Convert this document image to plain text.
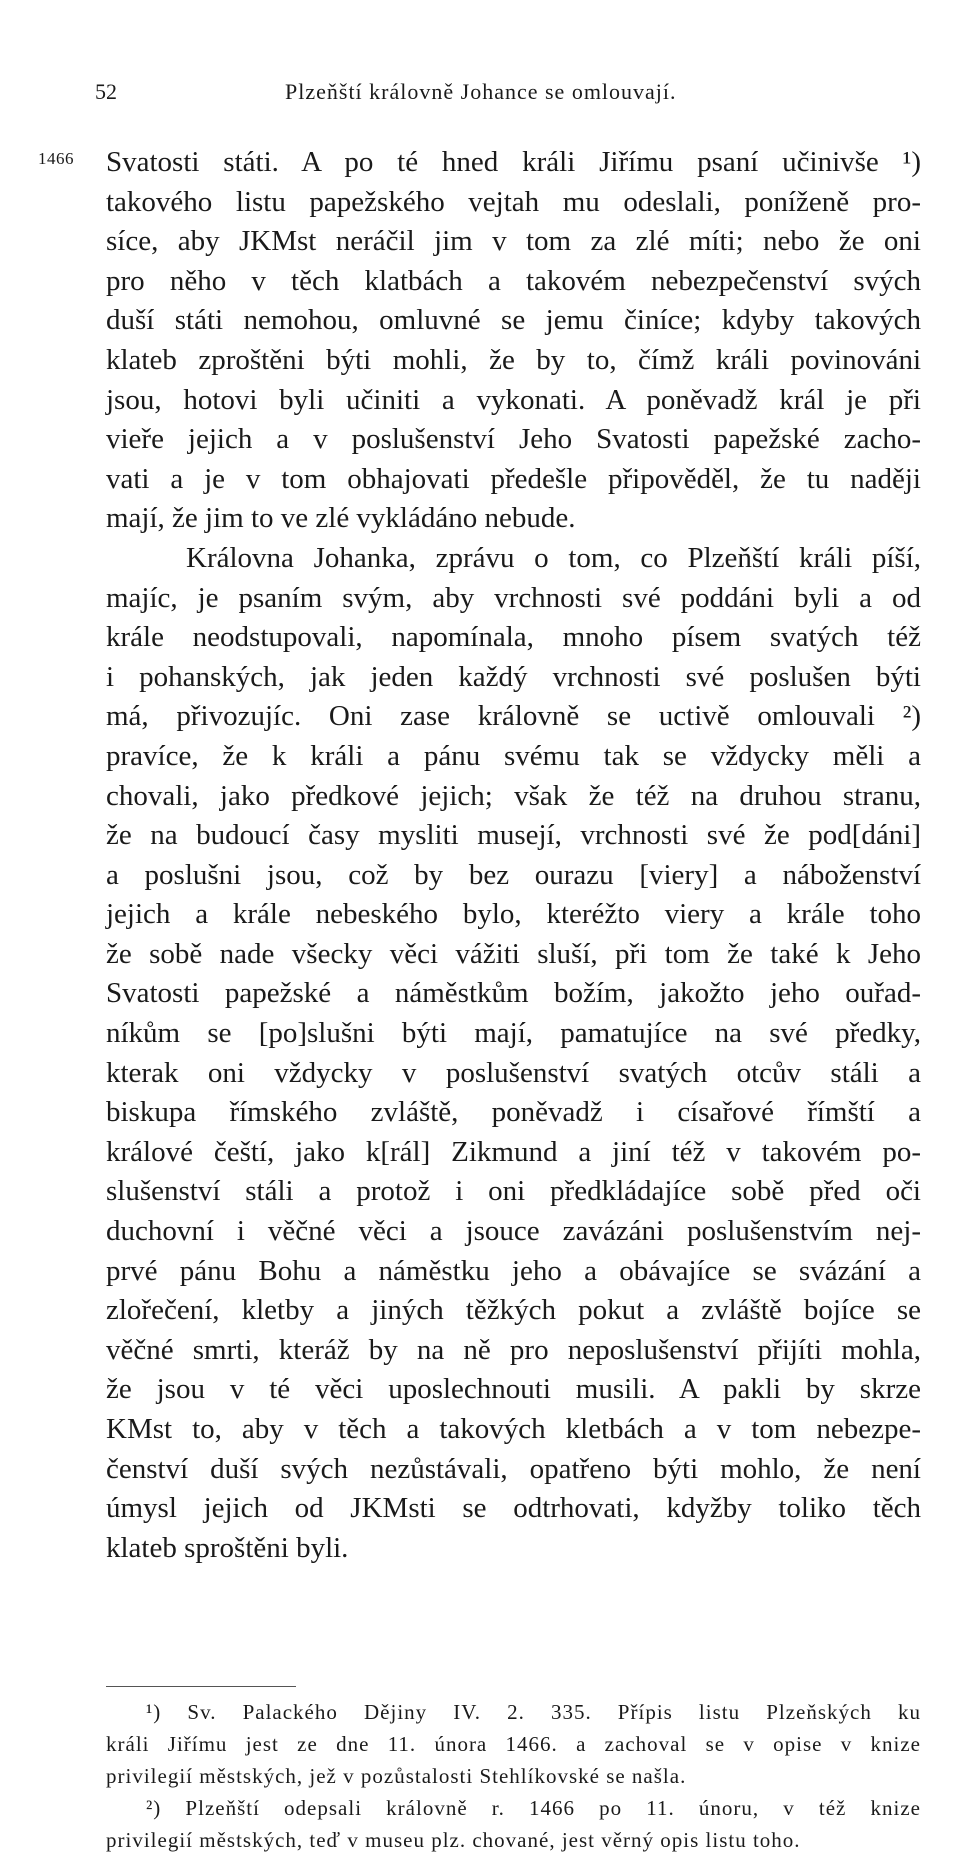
52	Plzeňští královně Johance se omlouvají.
1466 Svatosti státi. A po té hned králi Jiřímu psaní učinivše ¹)
takového listu papežského vejtah mu odeslali, poníženě pro-
síce, aby JKMst neráčil jim v tom za zlé míti; nebo že oni
pro něho v těch klatbách a takovém nebezpečenství svých
duší státi nemohou, omluvné se jemu činíce; kdyby takových
klateb zproštěni býti mohli, že by to, čímž králi povinováni
jsou, hotovi byli učiniti a vykonati. A poněvadž král je při
vieře jejich a v poslušenství Jeho Svatosti papežské zacho-
vati a je v tom obhajovati předešle připověděl, že tu naději
mají, že jim to ve zlé vykládáno nebude.
Královna Johanka, zprávu o tom, co Plzeňští králi píší,
majíc, je psaním svým, aby vrchnosti své poddáni byli a od
krále neodstupovali, napomínala, mnoho písem svatých též
i pohanských, jak jeden každý vrchnosti své poslušen býti
má, přivozujíc. Oni zase královně se uctivě omlouvali ²)
pravíce, že k králi a pánu svému tak se vždycky měli a
chovali, jako předkové jejich; však že též na druhou stranu,
že na budoucí časy mysliti musejí, vrchnosti své že pod[dáni]
a poslušni jsou, což by bez ourazu [viery] a náboženství
jejich a krále nebeského bylo, kteréžto viery a krále toho
že sobě nade všecky věci vážiti sluší, při tom že také k Jeho
Svatosti papežské a náměstkům božím, jakožto jeho ouřad-
níkům se [po]slušni býti mají, pamatujíce na své předky,
kterak oni vždycky v poslušenství svatých otcův stáli a
biskupa římského zvláště, poněvadž i císařové římští a
králové čeští, jako k[rál] Zikmund a jiní též v takovém po-
slušenství stáli a protož i oni předkládajíce sobě před oči
duchovní i věčné věci a jsouce zavázáni poslušenstvím nej-
prvé pánu Bohu a náměstku jeho a obávajíce se svázání a
zlořečení, kletby a jiných těžkých pokut a zvláště bojíce se
věčné smrti, kteráž by na ně pro neposlušenství přijíti mohla,
že jsou v té věci uposlechnouti musili. A pakli by skrze
KMst to, aby v těch a takových kletbách a v tom nebezpe-
čenství duší svých nezůstávali, opatřeno býti mohlo, že není
úmysl jejich od JKMsti se odtrhovati, kdyžby toliko těch
klateb sproštěni byli.
¹) Sv. Palackého Dějiny IV. 2. 335. Přípis listu Plzeňských ku
králi Jiřímu jest ze dne 11. února 1466. a zachoval se v opise v knize
privilegií městských, jež v pozůstalosti Stehlíkovské se našla.
²) Plzeňští odepsali královně r. 1466 po 11. únoru, v též knize
privilegií městských, teď v museu plz. chované, jest věrný opis listu toho.
